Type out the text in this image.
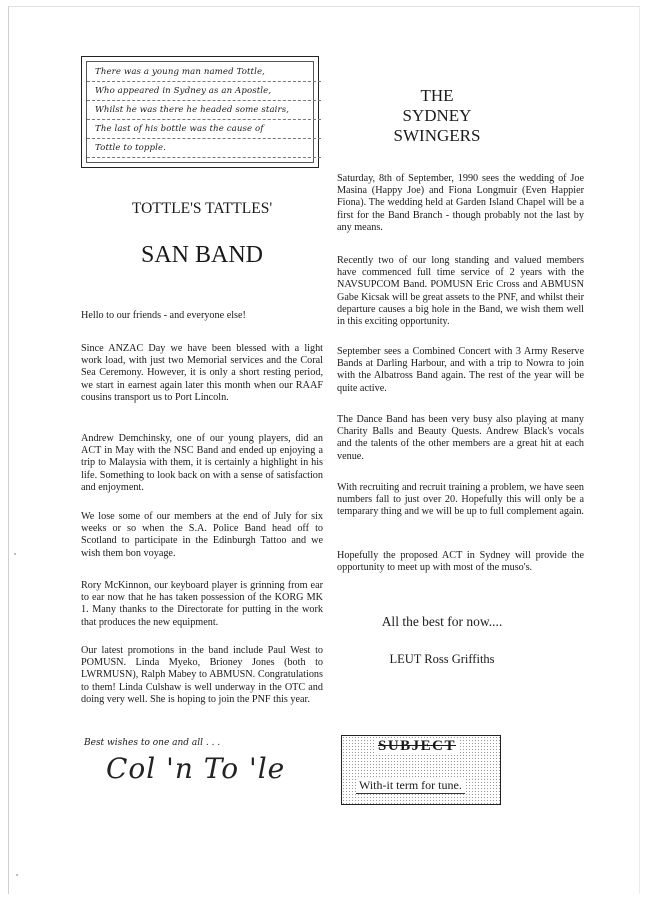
There was a young man named Tottle,
Who appeared in Sydney as an Apostle,
Whilst he was there he headed some stairs,
The last of his bottle was the cause of
Tottle to topple.
TOTTLE'S TATTLES'
SAN BAND

Hello to our friends - and everyone else!

Since ANZAC Day we have been blessed with a light work load, with just two Memorial services and the Coral Sea Ceremony. However, it is only a short resting period, we start in earnest again later this month when our RAAF cousins transport us to Port Lincoln.

Andrew Demchinsky, one of our young players, did an ACT in May with the NSC Band and ended up enjoying a trip to Malaysia with them, it is certainly a highlight in his life. Something to look back on with a sense of satisfaction and enjoyment.

We lose some of our members at the end of July for six weeks or so when the S.A. Police Band head off to Scotland to participate in the Edinburgh Tattoo and we wish them bon voyage.

Rory McKinnon, our keyboard player is grinning from ear to ear now that he has taken possession of the KORG MK 1. Many thanks to the Directorate for putting in the work that produces the new equipment.

Our latest promotions in the band include Paul West to POMUSN. Linda Myeko, Brioney Jones (both to LWRMUSN), Ralph Mabey to ABMUSN. Congratulations to them! Linda Culshaw is well underway in the OTC and doing very well. She is hoping to join the PNF this year.

Best wishes to one and all . . .
Col 'n To 'le
THE
SYDNEY
SWINGERS

Saturday, 8th of September, 1990 sees the wedding of Joe Masina (Happy Joe) and Fiona Longmuir (Even Happier Fiona). The wedding held at Garden Island Chapel will be a first for the Band Branch - though probably not the last by any means.

Recently two of our long standing and valued members have commenced full time service of 2 years with the NAVSUPCOM Band. POMUSN Eric Cross and ABMUSN Gabe Kicsak will be great assets to the PNF, and whilst their departure causes a big hole in the Band, we wish them well in this exciting opportunity.

September sees a Combined Concert with 3 Army Reserve Bands at Darling Harbour, and with a trip to Nowra to join with the Albatross Band again. The rest of the year will be quite active.

The Dance Band has been very busy also playing at many Charity Balls and Beauty Quests. Andrew Black's vocals and the talents of the other members are a great hit at each venue.

With recruiting and recruit training a problem, we have seen numbers fall to just over 20. Hopefully this will only be a temparary thing and we will be up to full complement again.

Hopefully the proposed ACT in Sydney will provide the opportunity to meet up with most of the muso's.

All the best for now....
LEUT Ross Griffiths
SUBJECT
With-it term for tune.
